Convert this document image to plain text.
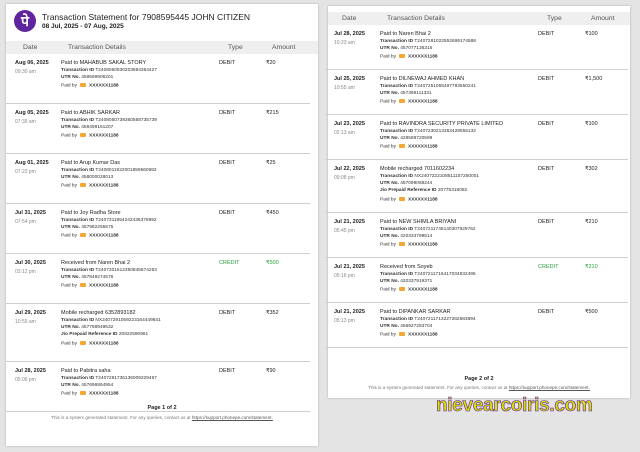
पे	Transaction Statement for 7908595445 JOHN CITIZEN
08 Jul, 2025 - 07 Aug, 2025
Date	Transaction Details	Type	Amount
Aug 06, 2025
09:30 am
Paid to MAHABUB SAKAL STORY	DEBIT	₹20
Transaction ID T2408060930203894364427
UTR No. 458599906201
Paid by	XXXXXX1188
Aug 05, 2025
07:39 am
Paid to ABHIK SARKAR	DEBIT	₹215
Transaction ID T2408050739360568735739
UTR No. 458499161207
Paid by	XXXXXX1188
Aug 01, 2025
07:22 pm
Paid to Arup Kumar Das	DEBIT	₹25
Transaction ID T2408011922001859560682
UTR No. 458000028013
Paid by	XXXXXX1188
Jul 31, 2025
07:54 pm
Paid to Joy Radha Store	DEBIT	₹450
Transaction ID T2407311954242436378992
UTR No. 457962255575
Paid by	XXXXXX1188
Jul 30, 2025
03:12 pm
Received from Naren Bhai 2	CREDIT	₹500
Transaction ID T2407301512350845674263
UTR No. 457849274576
Paid by	XXXXXX1188
Jul 29, 2025
10:59 am
Mobile recharged 6352893182	DEBIT	₹352
Transaction ID NX2407291059223164449841
UTR No. 457768949532
Jio Prepaid Reference ID 20822590961
Paid by	XXXXXX1188
Jul 28, 2025
05:06 pm
Paid to Pabitra saha	DEBIT	₹90
Transaction ID T2407281736136009329467
UTR No. 457696864954
Paid by	XXXXXX1188
Page 1 of 2
This is a system generated statement. For any queries, contact us at https://support.phonepe.com/statement.
Date	Transaction Details	Type	Amount
Jul 28, 2025
10:23 am
Paid to Naren Bhai 2	DEBIT	₹100
Transaction ID T2407281022552699174588
UTR No. 457077136315
Paid by	XXXXXX1188
Jul 25, 2025
10:55 am
Paid to DILNEWAJ AHMED KHAN	DEBIT	₹1,500
Transaction ID T2407251055497793550241
UTR No. 457399111331
Paid by	XXXXXX1188
Jul 23, 2025
02:13 am
Paid to RAVINDRA SECURITY PRIVATE LIMITED	DEBIT	₹100
Transaction ID T2407230213353428555132
UTR No. 428588720599
Paid by	XXXXXX1188
Jul 22, 2025
09:08 pm
Mobile recharged 7011602234	DEBIT	₹302
Transaction ID NX2407222108511157250001
UTR No. 457099088244
Jio Prepaid Reference ID 20775318082
Paid by	XXXXXX1188
Jul 21, 2025
05:45 pm
Paid to NEW SHIMLA BRIYANI	DEBIT	₹210
Transaction ID T2407211745140307929762
UTR No. 420333799514
Paid by	XXXXXX1188
Jul 21, 2025
05:16 pm
Received from Soyeb	CREDIT	₹210
Transaction ID T2407211716417034832495
UTR No. 420337919371
Paid by	XXXXXX1188
Jul 21, 2025
05:13 pm
Paid to DIPANKAR SARKAR	DEBIT	₹500
Transaction ID T2407211713227282683894
UTR No. 456927283704
Paid by	XXXXXX1188
Page 2 of 2
This is a system generated statement. For any queries, contact us at https://support.phonepe.com/statement.
nievearcoiris.com
